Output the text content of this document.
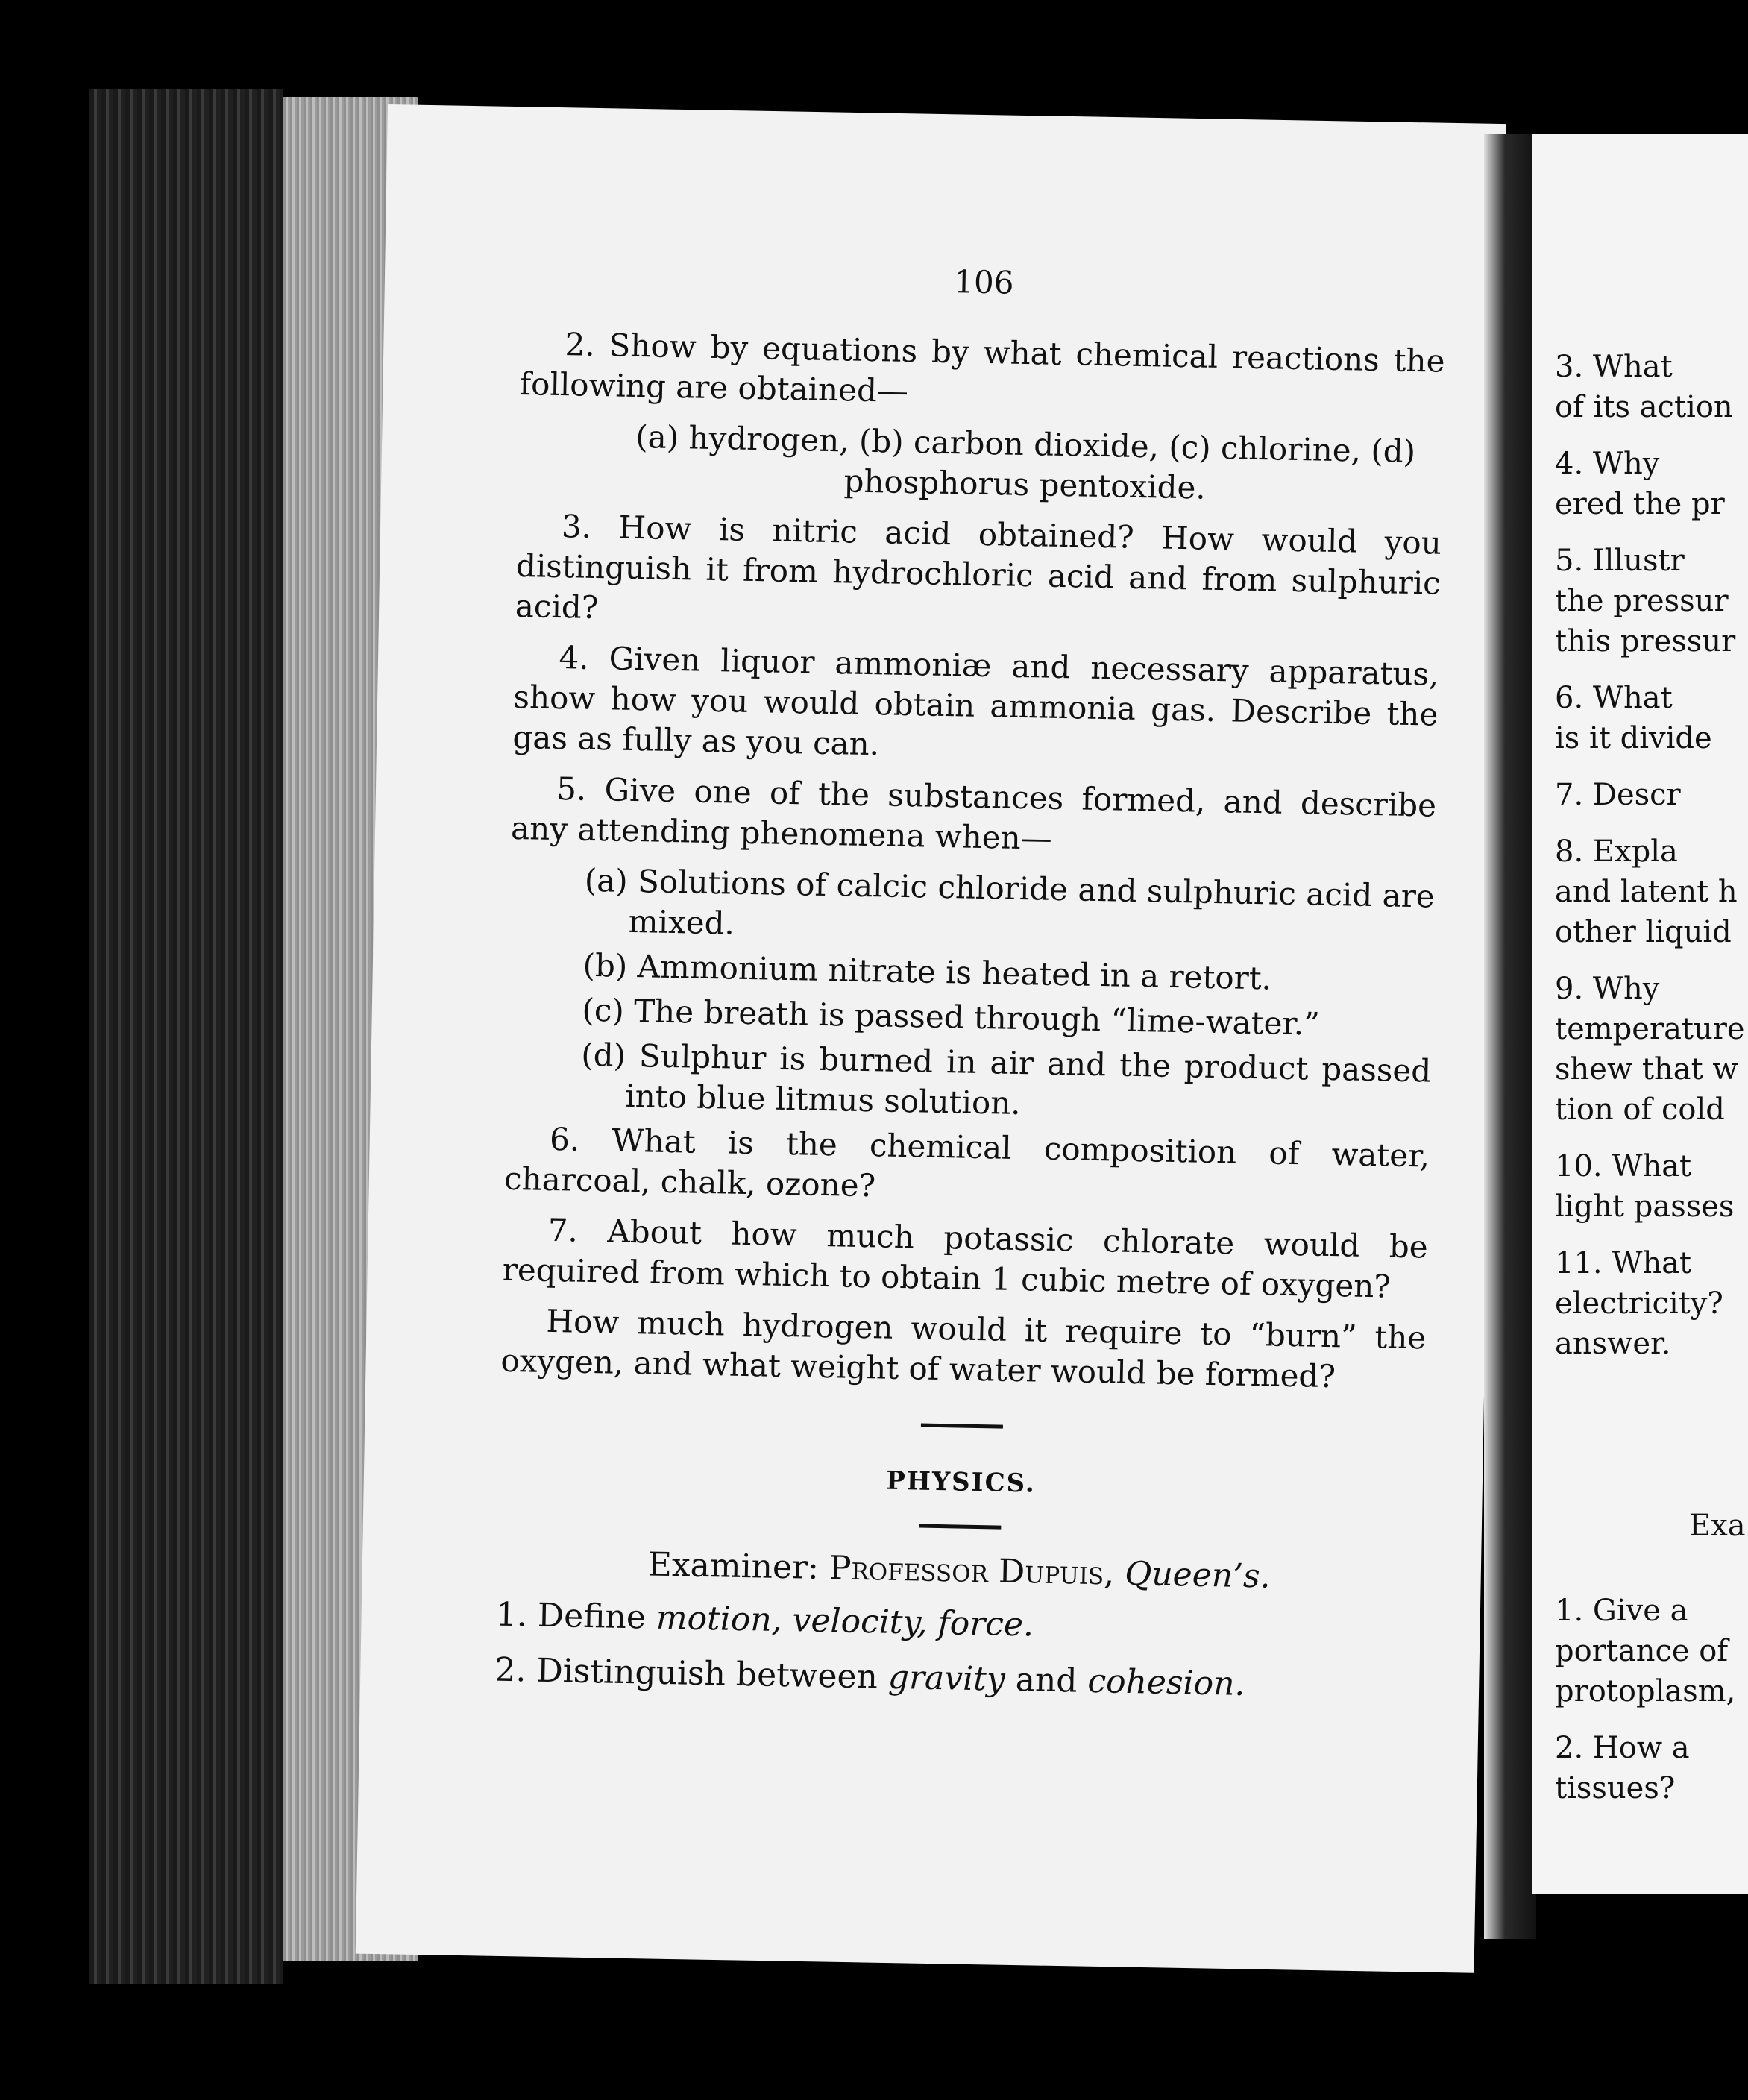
106

2. Show by equations by what chemical reactions the following are obtained—

(a) hydrogen, (b) carbon dioxide, (c) chlorine, (d) phosphorus pentoxide.

3. How is nitric acid obtained? How would you distinguish it from hydrochloric acid and from sulphuric acid?

4. Given liquor ammoniæ and necessary apparatus, show how you would obtain ammonia gas. Describe the gas as fully as you can.

5. Give one of the substances formed, and describe any attending phenomena when—

(a) Solutions of calcic chloride and sulphuric acid are mixed.

(b) Ammonium nitrate is heated in a retort.

(c) The breath is passed through “lime-water.”

(d) Sulphur is burned in air and the product passed into blue litmus solution.

6. What is the chemical composition of water, charcoal, chalk, ozone?

7. About how much potassic chlorate would be required from which to obtain 1 cubic metre of oxygen?

How much hydrogen would it require to “burn” the oxygen, and what weight of water would be formed?

PHYSICS.
Examiner: Professor Dupuis, Queen’s.

1. Define motion, velocity, force.

2. Distinguish between gravity and cohesion.

3. What
of its action
4. Why
ered the pr
5. Illustr
the pressur
this pressur
6. What
is it divide
7. Descr
8. Expla
and latent h
other liquid
9. Why
temperature
shew that w
tion of cold
10. What
light passes
11. What
electricity?
answer.
Exa
1. Give a
portance of
protoplasm,
2. How a
tissues?
